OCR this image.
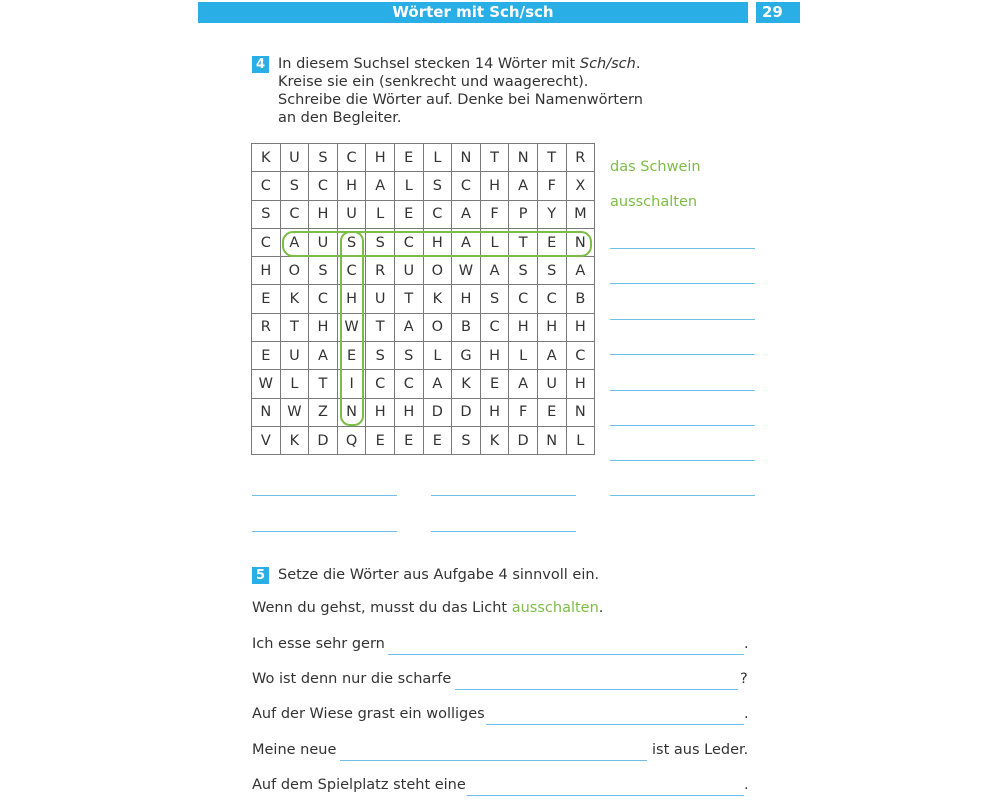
Wörter mit Sch/sch	29
4 In diesem Suchsel stecken 14 Wörter mit Sch/sch.
Kreise sie ein (senkrecht und waagerecht).
Schreibe die Wörter auf. Denke bei Namenwörtern
an den Begleiter.
K	U	S	C	H	E	L	N	T	N	T	R
C	S	C	H	A	L	S	C	H	A	F	X
S	C	H	U	L	E	C	A	F	P	Y	M
C	A	U	S	S	C	H	A	L	T	E	N
H	O	S	C	R	U	O	W	A	S	S	A
E	K	C	H	U	T	K	H	S	C	C	B
R	T	H	W	T	A	O	B	C	H	H	H
E	U	A	E	S	S	L	G	H	L	A	C
W	L	T	I	C	C	A	K	E	A	U	H
N	W	Z	N	H	H	D	D	H	F	E	N
V	K	D	Q	E	E	E	S	K	D	N	L
das Schwein
ausschalten
5 Setze die Wörter aus Aufgabe 4 sinnvoll ein.
Wenn du gehst, musst du das Licht ausschalten.
Ich esse sehr gern	.
Wo ist denn nur die scharfe	?
Auf der Wiese grast ein wolliges	.
Meine neue	ist aus Leder.
Auf dem Spielplatz steht eine	.
